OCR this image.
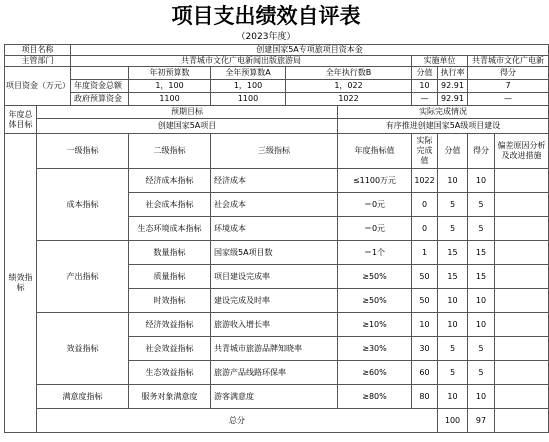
项目支出绩效自评表
（2023年度）
项目名称		创建国家5A专项旅项目资本金								
主管部门		共青城市文化广电新闻出版旅游局					实施单位		共青城市文化广电新	
项目资金（万元）			年初预算数	全年预算数A	全年执行数B		分值	执行率	得分	
		年度资金总额	1，100	1，100	1，022		10	92.91	7	
		政府预算资金	1100	1100	1022		—	92.91	—	
年度总体目标	预期目标					实际完成情况				
	创建国家5A项目					有序推进创建国家5A级项目建设				
绩效指标	一级指标		二级指标	三级指标		年度指标值	实际完成值	分值	得分	偏差原因分析及改进措施
	成本指标		经济成本指标	经济成本		≤1100万元	1022	10	10	
			社会成本指标	社会成本		＝0元	0	5	5	
			生态环境成本指标	环境成本		＝0元	0	5	5	
	产出指标		数量指标	国家级5A项目数		＝1个	1	15	15	
			质量指标	项目建设完成率		≥50%	50	15	15	
			时效指标	建设完成及时率		≥50%	50	10	10	
	效益指标		经济效益指标	旅游收入增长率		≥10%	10	10	10	
			社会效益指标	共青城市旅游品牌知晓率		≥30%	30	5	5	
			生态效益指标	旅游产品线路环保率		≥60%	60	5	5	
	满意度指标		服务对象满意度	游客满意度		≥80%	80	10	10	
	总分							100	97	
